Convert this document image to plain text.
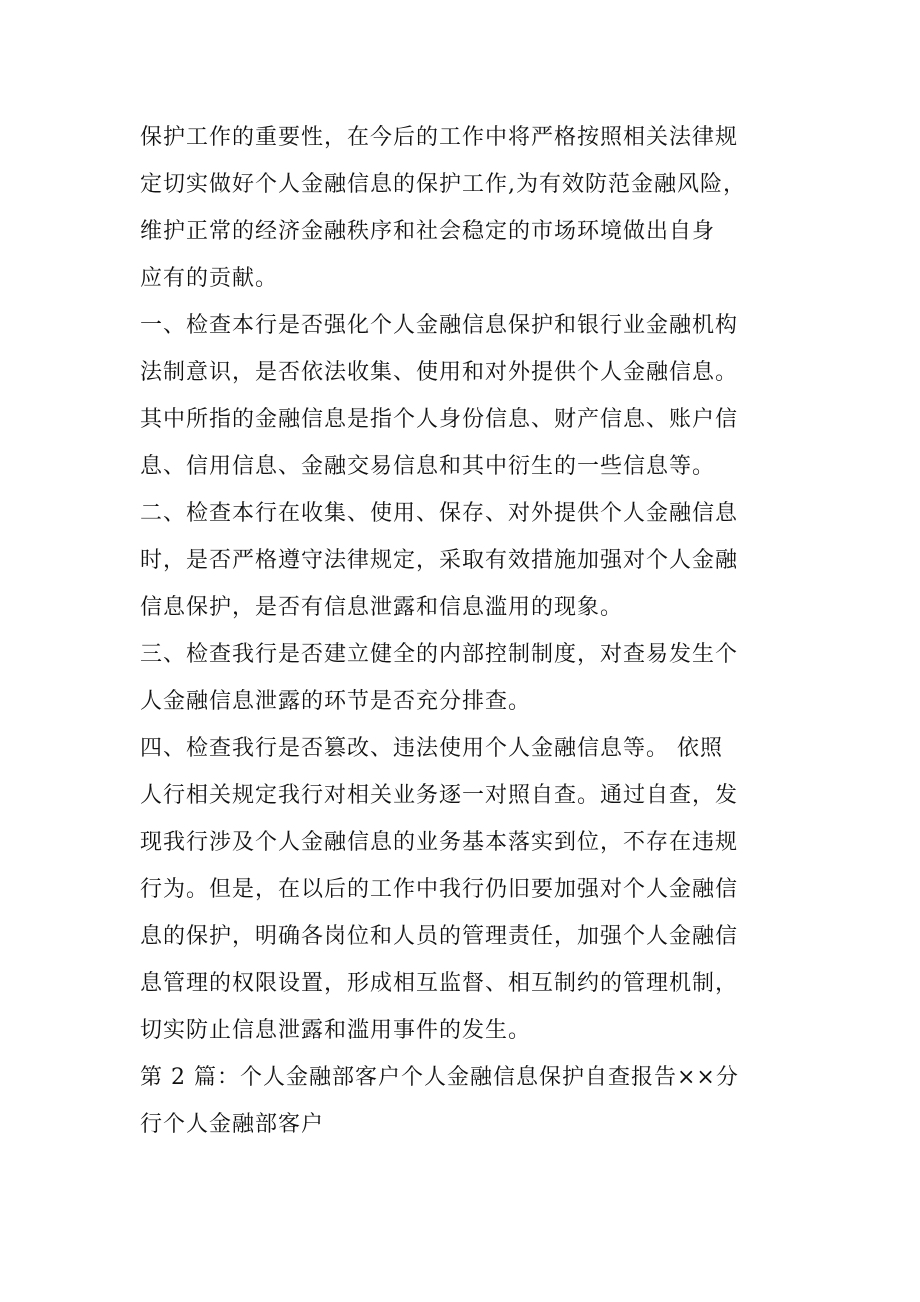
保护工作的重要性，在今后的工作中将严格按照相关法律规
定切实做好个人金融信息的保护工作,为有效防范金融风险，
维护正常的经济金融秩序和社会稳定的市场环境做出自身
应有的贡献。
一、检查本行是否强化个人金融信息保护和银行业金融机构
法制意识，是否依法收集、使用和对外提供个人金融信息。
其中所指的金融信息是指个人身份信息、财产信息、账户信
息、信用信息、金融交易信息和其中衍生的一些信息等。
二、检查本行在收集、使用、保存、对外提供个人金融信息
时，是否严格遵守法律规定，采取有效措施加强对个人金融
信息保护，是否有信息泄露和信息滥用的现象。
三、检查我行是否建立健全的内部控制制度，对查易发生个
人金融信息泄露的环节是否充分排查。
四、检查我行是否篡改、违法使用个人金融信息等。 依照
人行相关规定我行对相关业务逐一对照自查。通过自查，发
现我行涉及个人金融信息的业务基本落实到位，不存在违规
行为。但是，在以后的工作中我行仍旧要加强对个人金融信
息的保护，明确各岗位和人员的管理责任，加强个人金融信
息管理的权限设置，形成相互监督、相互制约的管理机制，
切实防止信息泄露和滥用事件的发生。
第 2 篇：个人金融部客户个人金融信息保护自查报告××分
行个人金融部客户
